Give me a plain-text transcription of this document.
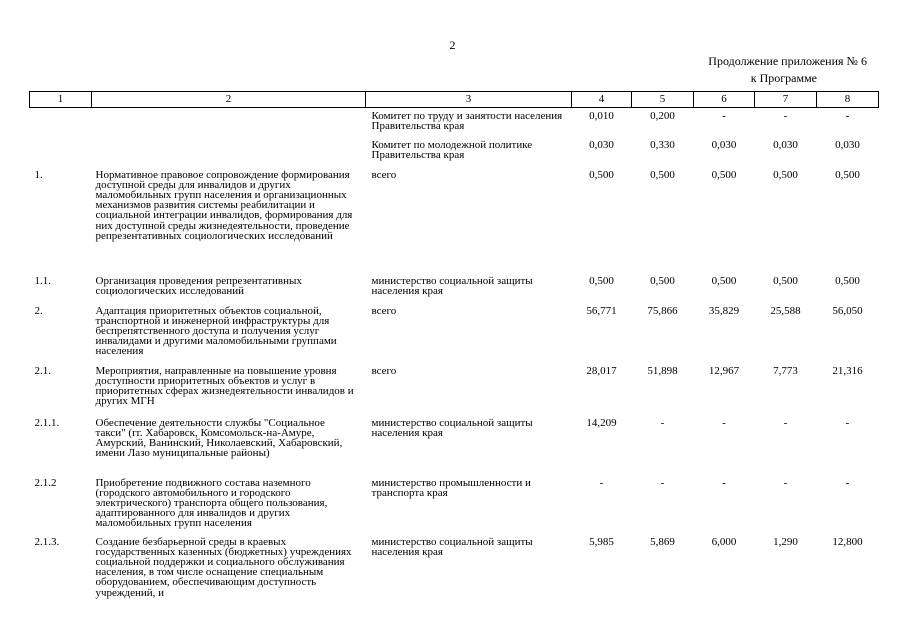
2
Продолжение приложения № 6

к Программе
1	2	3	4	5	6	7	8
		Комитет по труду и занятости населения Правительства края	0,010	0,200	-	-	-
		Комитет по молодежной политике Правительства края	0,030	0,330	0,030	0,030	0,030
1.	Нормативное правовое сопровождение формирования доступной среды для инвалидов и других маломобильных групп населения и организационных механизмов развития системы реабилитации и социальной интеграции инвалидов, формирования для них доступной среды жизнедеятельности, проведение репрезентативных социологических исследований	всего	0,500	0,500	0,500	0,500	0,500
1.1.	Организация проведения репрезентативных социологических исследований	министерство социальной защиты населения края	0,500	0,500	0,500	0,500	0,500
2.	Адаптация приоритетных объектов социальной, транспортной и инженерной инфраструктуры для беспрепятственного доступа и получения услуг инвалидами и другими маломобильными группами населения	всего	56,771	75,866	35,829	25,588	56,050
2.1.	Мероприятия, направленные на повышение уровня доступности приоритетных объектов и услуг в приоритетных сферах жизнедеятельности инвалидов и других МГН	всего	28,017	51,898	12,967	7,773	21,316
2.1.1.	Обеспечение деятельности службы "Социальное такси" (гг. Хабаровск, Комсомольск-на-Амуре, Амурский, Ванинский, Николаевский, Хабаровский, имени Лазо муниципальные районы)	министерство социальной защиты населения края	14,209	-	-	-	-
2.1.2	Приобретение подвижного состава наземного (городского автомобильного и городского электрического) транспорта общего пользования, адаптированного для инвалидов и других маломобильных групп населения	министерство промышленности и транспорта края	-	-	-	-	-
2.1.3.	Создание безбарьерной среды в краевых государственных казенных (бюджетных) учреждениях социальной поддержки и социального обслуживания населения, в том числе оснащение специальным оборудованием, обеспечивающим доступность учреждений, и	министерство социальной защиты населения края	5,985	5,869	6,000	1,290	12,800
